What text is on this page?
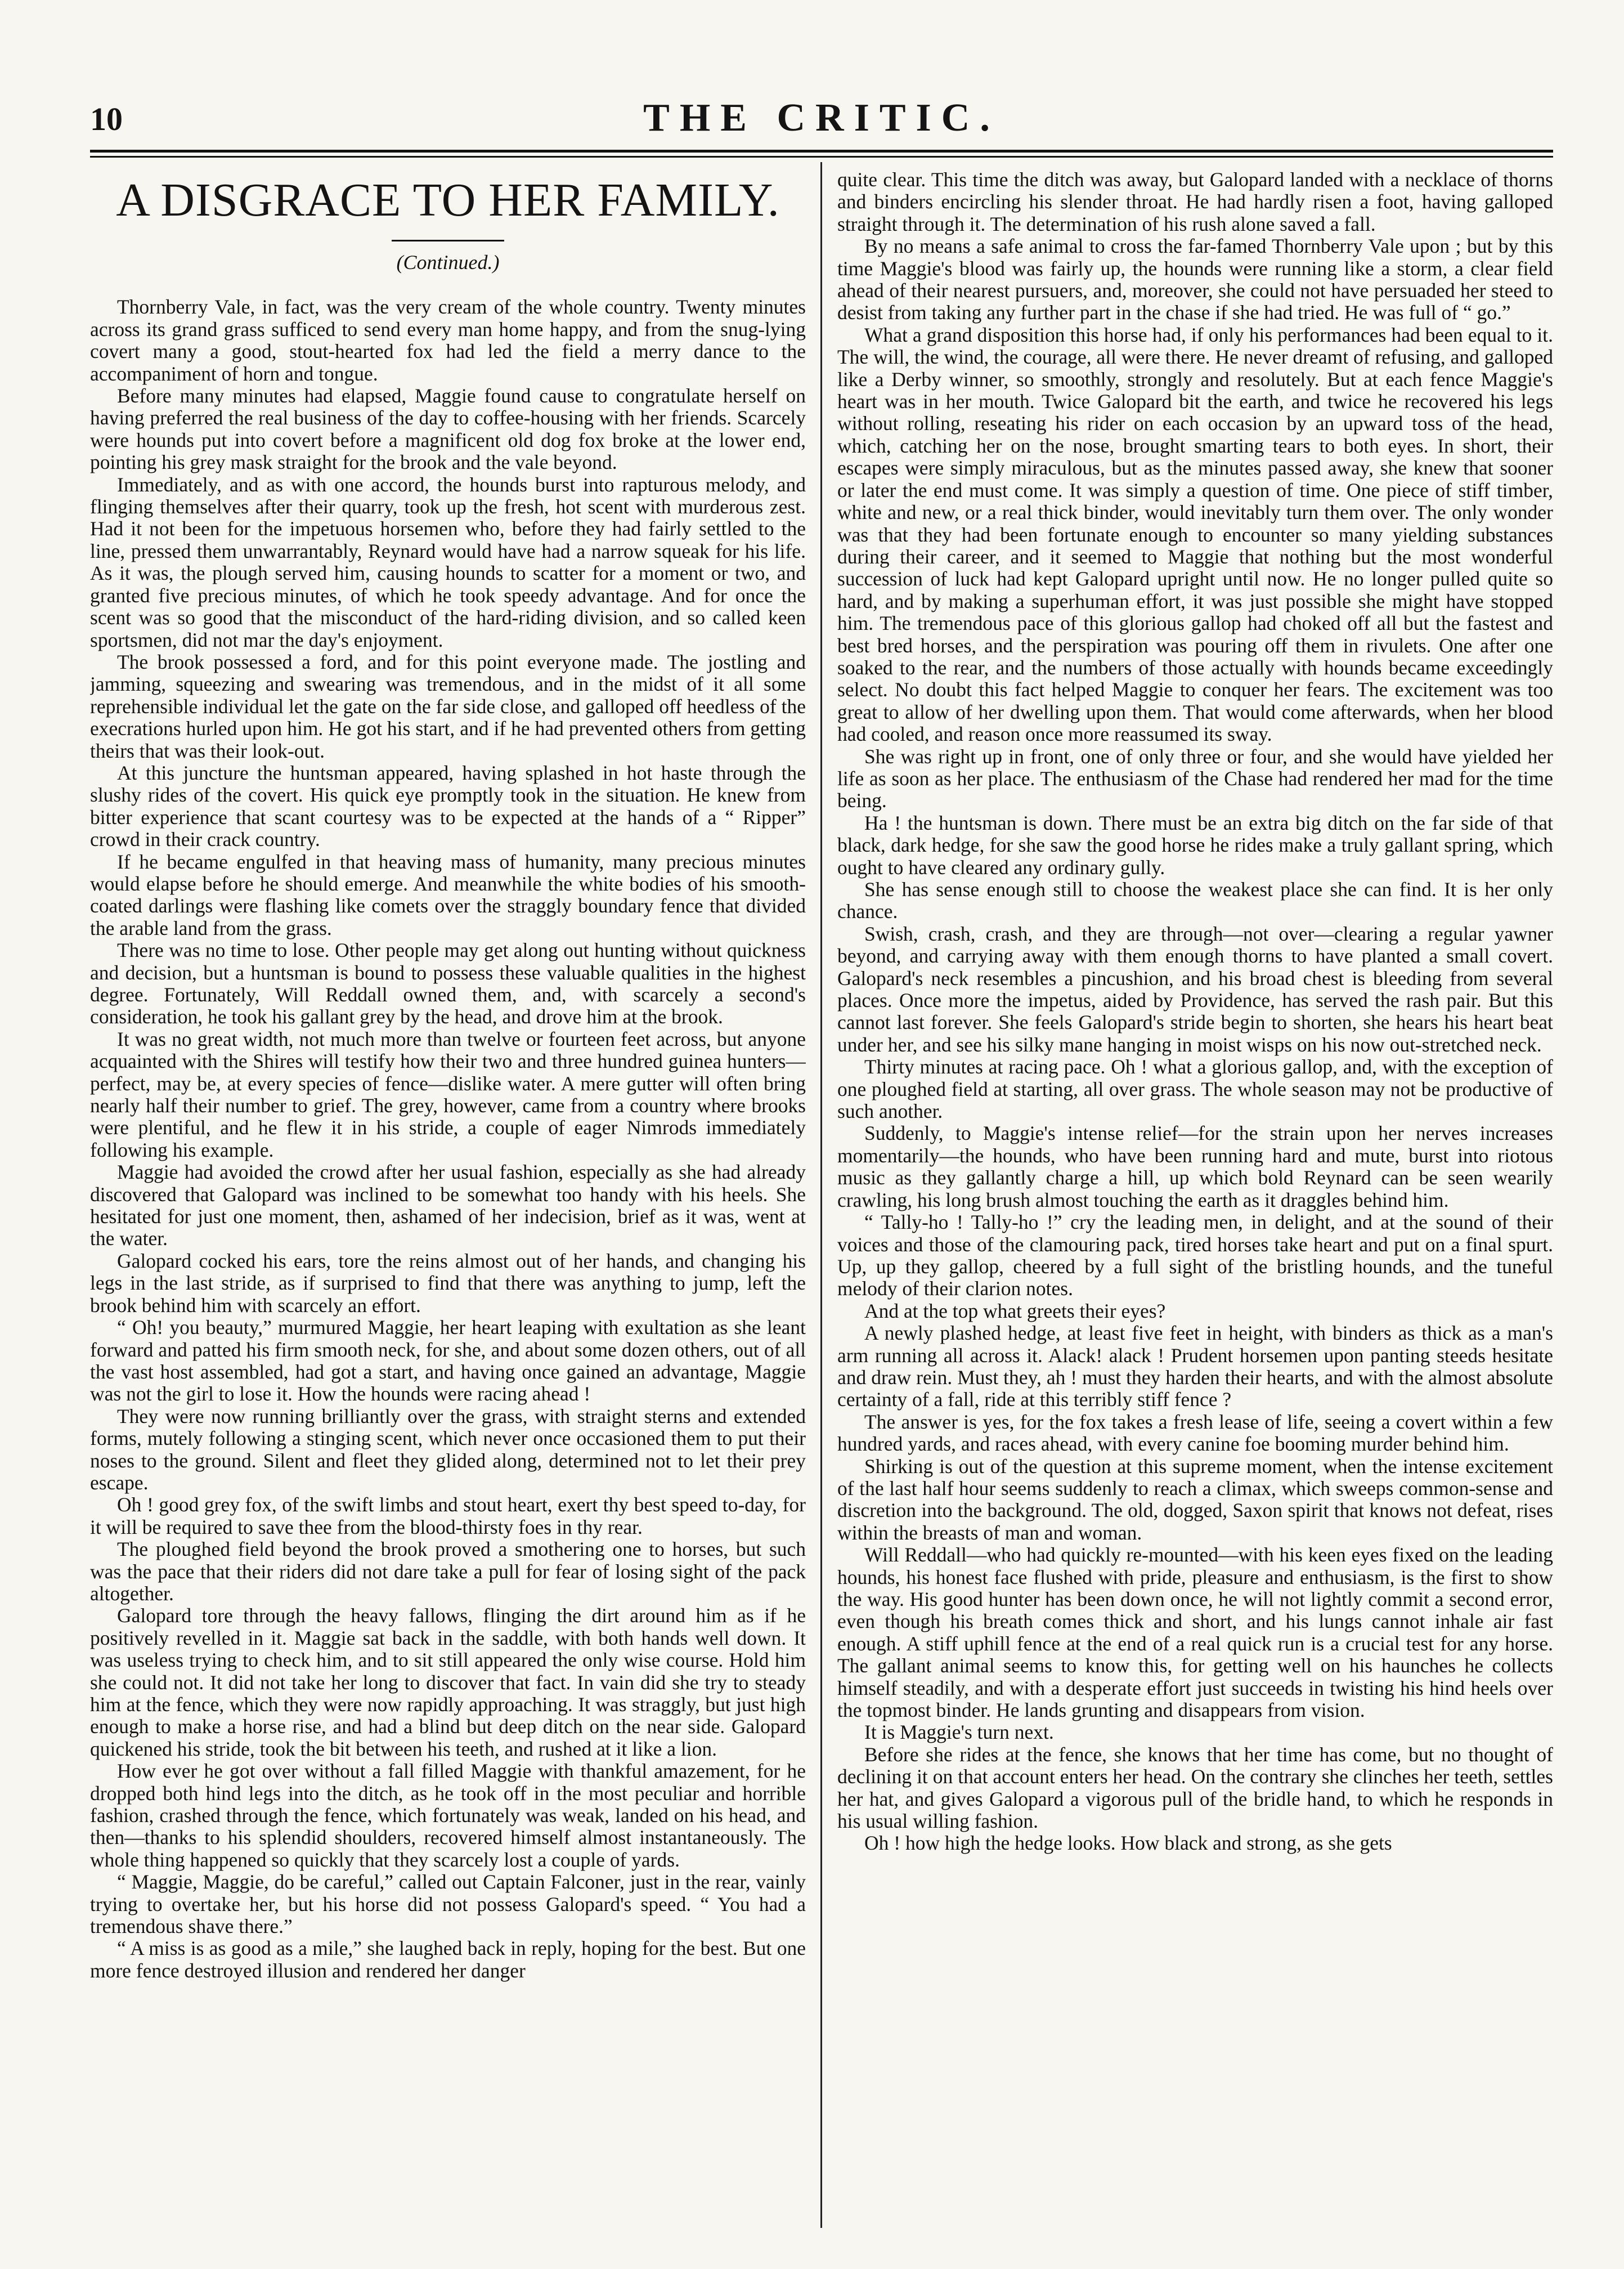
10	THE CRITIC.
A DISGRACE TO HER FAMILY.
(Continued.)

Thornberry Vale, in fact, was the very cream of the whole country. Twenty minutes across its grand grass sufficed to send every man home happy, and from the snug-lying covert many a good, stout-hearted fox had led the field a merry dance to the accompaniment of horn and tongue.

Before many minutes had elapsed, Maggie found cause to congratulate herself on having preferred the real business of the day to coffee-housing with her friends. Scarcely were hounds put into covert before a magnificent old dog fox broke at the lower end, pointing his grey mask straight for the brook and the vale beyond.

Immediately, and as with one accord, the hounds burst into rapturous melody, and flinging themselves after their quarry, took up the fresh, hot scent with murderous zest. Had it not been for the impetuous horsemen who, before they had fairly settled to the line, pressed them unwarrantably, Reynard would have had a narrow squeak for his life. As it was, the plough served him, causing hounds to scatter for a moment or two, and granted five precious minutes, of which he took speedy advantage. And for once the scent was so good that the misconduct of the hard-riding division, and so called keen sportsmen, did not mar the day's enjoyment.

The brook possessed a ford, and for this point everyone made. The jostling and jamming, squeezing and swearing was tremendous, and in the midst of it all some reprehensible individual let the gate on the far side close, and galloped off heedless of the execrations hurled upon him. He got his start, and if he had prevented others from getting theirs that was their look-out.

At this juncture the huntsman appeared, having splashed in hot haste through the slushy rides of the covert. His quick eye promptly took in the situation. He knew from bitter experience that scant courtesy was to be expected at the hands of a “ Ripper” crowd in their crack country.

If he became engulfed in that heaving mass of humanity, many precious minutes would elapse before he should emerge. And meanwhile the white bodies of his smooth-coated darlings were flashing like comets over the straggly boundary fence that divided the arable land from the grass.

There was no time to lose. Other people may get along out hunting without quickness and decision, but a huntsman is bound to possess these valuable qualities in the highest degree. Fortunately, Will Reddall owned them, and, with scarcely a second's consideration, he took his gallant grey by the head, and drove him at the brook.

It was no great width, not much more than twelve or fourteen feet across, but anyone acquainted with the Shires will testify how their two and three hundred guinea hunters—perfect, may be, at every species of fence—dislike water. A mere gutter will often bring nearly half their number to grief. The grey, however, came from a country where brooks were plentiful, and he flew it in his stride, a couple of eager Nimrods immediately following his example.

Maggie had avoided the crowd after her usual fashion, especially as she had already discovered that Galopard was inclined to be somewhat too handy with his heels. She hesitated for just one moment, then, ashamed of her indecision, brief as it was, went at the water.

Galopard cocked his ears, tore the reins almost out of her hands, and changing his legs in the last stride, as if surprised to find that there was anything to jump, left the brook behind him with scarcely an effort.

“ Oh! you beauty,” murmured Maggie, her heart leaping with exultation as she leant forward and patted his firm smooth neck, for she, and about some dozen others, out of all the vast host assembled, had got a start, and having once gained an advantage, Maggie was not the girl to lose it. How the hounds were racing ahead !

They were now running brilliantly over the grass, with straight sterns and extended forms, mutely following a stinging scent, which never once occasioned them to put their noses to the ground. Silent and fleet they glided along, determined not to let their prey escape.

Oh ! good grey fox, of the swift limbs and stout heart, exert thy best speed to-day, for it will be required to save thee from the blood-thirsty foes in thy rear.

The ploughed field beyond the brook proved a smothering one to horses, but such was the pace that their riders did not dare take a pull for fear of losing sight of the pack altogether.

Galopard tore through the heavy fallows, flinging the dirt around him as if he positively revelled in it. Maggie sat back in the saddle, with both hands well down. It was useless trying to check him, and to sit still appeared the only wise course. Hold him she could not. It did not take her long to discover that fact. In vain did she try to steady him at the fence, which they were now rapidly approaching. It was straggly, but just high enough to make a horse rise, and had a blind but deep ditch on the near side. Galopard quickened his stride, took the bit between his teeth, and rushed at it like a lion.

How ever he got over without a fall filled Maggie with thankful amazement, for he dropped both hind legs into the ditch, as he took off in the most peculiar and horrible fashion, crashed through the fence, which fortunately was weak, landed on his head, and then—thanks to his splendid shoulders, recovered himself almost instantaneously. The whole thing happened so quickly that they scarcely lost a couple of yards.

“ Maggie, Maggie, do be careful,” called out Captain Falconer, just in the rear, vainly trying to overtake her, but his horse did not possess Galopard's speed. “ You had a tremendous shave there.”

“ A miss is as good as a mile,” she laughed back in reply, hoping for the best. But one more fence destroyed illusion and rendered her danger

quite clear. This time the ditch was away, but Galopard landed with a necklace of thorns and binders encircling his slender throat. He had hardly risen a foot, having galloped straight through it. The determination of his rush alone saved a fall.

By no means a safe animal to cross the far-famed Thornberry Vale upon ; but by this time Maggie's blood was fairly up, the hounds were running like a storm, a clear field ahead of their nearest pursuers, and, moreover, she could not have persuaded her steed to desist from taking any further part in the chase if she had tried. He was full of “ go.”

What a grand disposition this horse had, if only his performances had been equal to it. The will, the wind, the courage, all were there. He never dreamt of refusing, and galloped like a Derby winner, so smoothly, strongly and resolutely. But at each fence Maggie's heart was in her mouth. Twice Galopard bit the earth, and twice he recovered his legs without rolling, reseating his rider on each occasion by an upward toss of the head, which, catching her on the nose, brought smarting tears to both eyes. In short, their escapes were simply miraculous, but as the minutes passed away, she knew that sooner or later the end must come. It was simply a question of time. One piece of stiff timber, white and new, or a real thick binder, would inevitably turn them over. The only wonder was that they had been fortunate enough to encounter so many yielding substances during their career, and it seemed to Maggie that nothing but the most wonderful succession of luck had kept Galopard upright until now. He no longer pulled quite so hard, and by making a superhuman effort, it was just possible she might have stopped him. The tremendous pace of this glorious gallop had choked off all but the fastest and best bred horses, and the perspiration was pouring off them in rivulets. One after one soaked to the rear, and the numbers of those actually with hounds became exceedingly select. No doubt this fact helped Maggie to conquer her fears. The excitement was too great to allow of her dwelling upon them. That would come afterwards, when her blood had cooled, and reason once more reassumed its sway.

She was right up in front, one of only three or four, and she would have yielded her life as soon as her place. The enthusiasm of the Chase had rendered her mad for the time being.

Ha ! the huntsman is down. There must be an extra big ditch on the far side of that black, dark hedge, for she saw the good horse he rides make a truly gallant spring, which ought to have cleared any ordinary gully.

She has sense enough still to choose the weakest place she can find. It is her only chance.

Swish, crash, crash, and they are through—not over—clearing a regular yawner beyond, and carrying away with them enough thorns to have planted a small covert. Galopard's neck resembles a pincushion, and his broad chest is bleeding from several places. Once more the impetus, aided by Providence, has served the rash pair. But this cannot last forever. She feels Galopard's stride begin to shorten, she hears his heart beat under her, and see his silky mane hanging in moist wisps on his now out-stretched neck.

Thirty minutes at racing pace. Oh ! what a glorious gallop, and, with the exception of one ploughed field at starting, all over grass. The whole season may not be productive of such another.

Suddenly, to Maggie's intense relief—for the strain upon her nerves increases momentarily—the hounds, who have been running hard and mute, burst into riotous music as they gallantly charge a hill, up which bold Reynard can be seen wearily crawling, his long brush almost touching the earth as it draggles behind him.

“ Tally-ho ! Tally-ho !” cry the leading men, in delight, and at the sound of their voices and those of the clamouring pack, tired horses take heart and put on a final spurt. Up, up they gallop, cheered by a full sight of the bristling hounds, and the tuneful melody of their clarion notes.

And at the top what greets their eyes?

A newly plashed hedge, at least five feet in height, with binders as thick as a man's arm running all across it. Alack! alack ! Prudent horsemen upon panting steeds hesitate and draw rein. Must they, ah ! must they harden their hearts, and with the almost absolute certainty of a fall, ride at this terribly stiff fence ?

The answer is yes, for the fox takes a fresh lease of life, seeing a covert within a few hundred yards, and races ahead, with every canine foe booming murder behind him.

Shirking is out of the question at this supreme moment, when the intense excitement of the last half hour seems suddenly to reach a climax, which sweeps common-sense and discretion into the background. The old, dogged, Saxon spirit that knows not defeat, rises within the breasts of man and woman.

Will Reddall—who had quickly re-mounted—with his keen eyes fixed on the leading hounds, his honest face flushed with pride, pleasure and enthusiasm, is the first to show the way. His good hunter has been down once, he will not lightly commit a second error, even though his breath comes thick and short, and his lungs cannot inhale air fast enough. A stiff uphill fence at the end of a real quick run is a crucial test for any horse. The gallant animal seems to know this, for getting well on his haunches he collects himself steadily, and with a desperate effort just succeeds in twisting his hind heels over the topmost binder. He lands grunting and disappears from vision.

It is Maggie's turn next.

Before she rides at the fence, she knows that her time has come, but no thought of declining it on that account enters her head. On the contrary she clinches her teeth, settles her hat, and gives Galopard a vigorous pull of the bridle hand, to which he responds in his usual willing fashion.

Oh ! how high the hedge looks. How black and strong, as she gets
